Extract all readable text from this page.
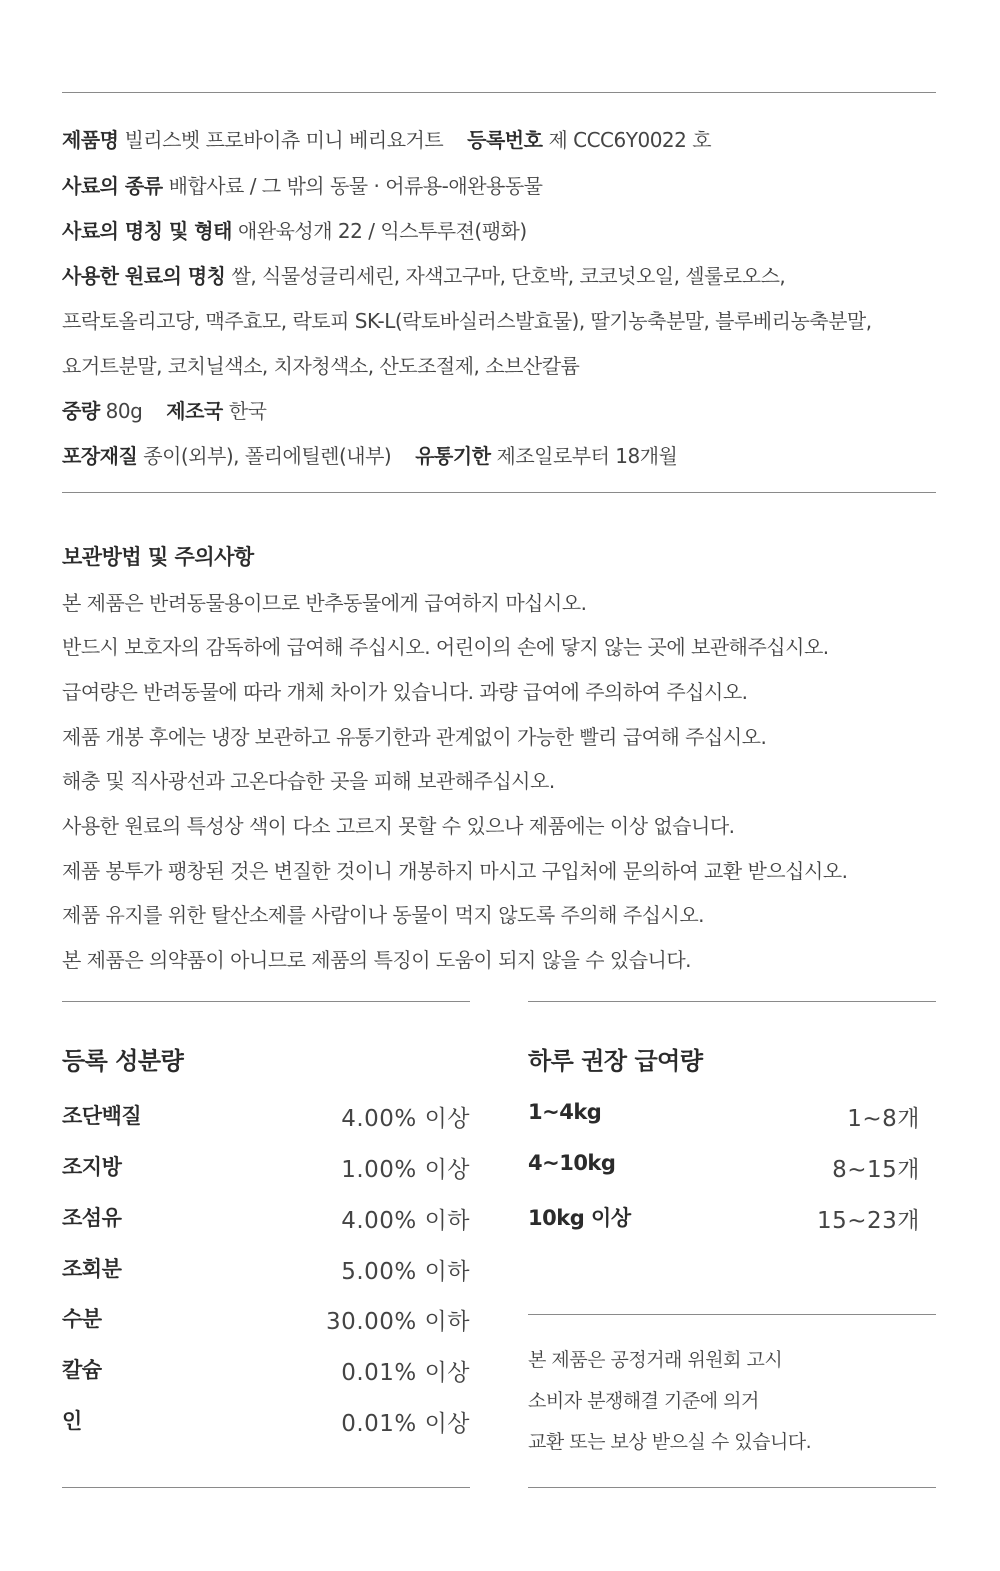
제품명 빌리스벳 프로바이츄 미니 베리요거트 등록번호 제 CCC6Y0022 호
사료의 종류 배합사료 / 그 밖의 동물 · 어류용-애완용동물
사료의 명칭 및 형태 애완육성개 22 / 익스투루젼(팽화)
사용한 원료의 명칭 쌀, 식물성글리세린, 자색고구마, 단호박, 코코넛오일, 셀룰로오스,
프락토올리고당, 맥주효모, 락토피 SK-L(락토바실러스발효물), 딸기농축분말, 블루베리농축분말,
요거트분말, 코치닐색소, 치자청색소, 산도조절제, 소브산칼륨
중량 80g 제조국 한국
포장재질 종이(외부), 폴리에틸렌(내부) 유통기한 제조일로부터 18개월
보관방법 및 주의사항
본 제품은 반려동물용이므로 반추동물에게 급여하지 마십시오.
반드시 보호자의 감독하에 급여해 주십시오. 어린이의 손에 닿지 않는 곳에 보관해주십시오.
급여량은 반려동물에 따라 개체 차이가 있습니다. 과량 급여에 주의하여 주십시오.
제품 개봉 후에는 냉장 보관하고 유통기한과 관계없이 가능한 빨리 급여해 주십시오.
해충 및 직사광선과 고온다습한 곳을 피해 보관해주십시오.
사용한 원료의 특성상 색이 다소 고르지 못할 수 있으나 제품에는 이상 없습니다.
제품 봉투가 팽창된 것은 변질한 것이니 개봉하지 마시고 구입처에 문의하여 교환 받으십시오.
제품 유지를 위한 탈산소제를 사람이나 동물이 먹지 않도록 주의해 주십시오.
본 제품은 의약품이 아니므로 제품의 특징이 도움이 되지 않을 수 있습니다.
등록 성분량
조단백질	4.00% 이상
조지방	1.00% 이상
조섬유	4.00% 이하
조회분	5.00% 이하
수분	30.00% 이하
칼슘	0.01% 이상
인	0.01% 이상
하루 권장 급여량
1~4kg	1~8개
4~10kg	8~15개
10kg 이상	15~23개
본 제품은 공정거래 위원회 고시
소비자 분쟁해결 기준에 의거
교환 또는 보상 받으실 수 있습니다.
